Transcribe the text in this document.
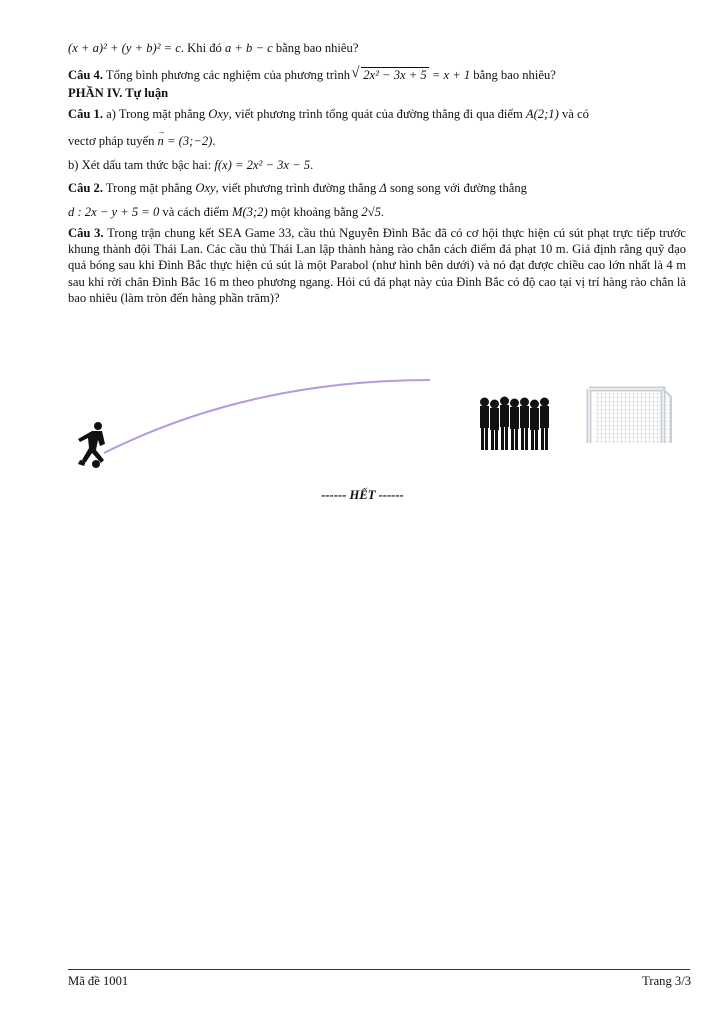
(x + a)² + (y + b)² = c. Khi đó a + b − c bằng bao nhiêu?
Câu 4. Tổng bình phương các nghiệm của phương trình √ 2x² − 3x + 5 = x + 1 bằng bao nhiêu?
PHẦN IV. Tự luận
Câu 1. a) Trong mặt phẳng Oxy, viết phương trình tổng quát của đường thẳng đi qua điểm A(2;1) và có
vectơ pháp tuyến → n = (3;−2).
b) Xét dấu tam thức bậc hai: f(x) = 2x² − 3x − 5.
Câu 2. Trong mặt phẳng Oxy, viết phương trình đường thẳng Δ song song với đường thẳng
d : 2x − y + 5 = 0 và cách điểm M(3;2) một khoảng bằng 2√5.
Câu 3. Trong trận chung kết SEA Game 33, cầu thủ Nguyễn Đình Bắc đã có cơ hội thực hiện cú sút phạt trực tiếp trước khung thành đội Thái Lan. Các cầu thủ Thái Lan lập thành hàng rào chắn cách điểm đá phạt 10 m. Giả định rằng quỹ đạo quả bóng sau khi Đình Bắc thực hiện cú sút là một Parabol (như hình bên dưới) và nó đạt được chiều cao lớn nhất là 4 m sau khi rời chân Đình Bắc 16 m theo phương ngang. Hỏi cú đá phạt này của Đình Bắc có độ cao tại vị trí hàng rào chắn là bao nhiêu (làm tròn đến hàng phần trăm)?
------ HẾT ------
Mã đề 1001	Trang 3/3
